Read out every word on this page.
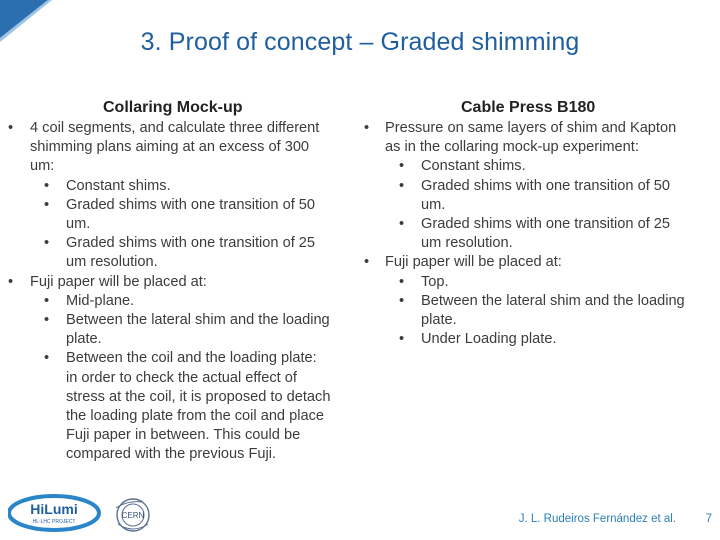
3. Proof of concept – Graded shimming
Collaring Mock-up	Cable Press B180
• 4 coil segments, and calculate three different
shimming plans aiming at an excess of 300
um:
• Constant shims.
• Graded shims with one transition of 50
um.
• Graded shims with one transition of 25
um resolution.
• Fuji paper will be placed at:
• Mid-plane.
• Between the lateral shim and the loading
plate.
• Between the coil and the loading plate:
in order to check the actual effect of
stress at the coil, it is proposed to detach
the loading plate from the coil and place
Fuji paper in between. This could be
compared with the previous Fuji.
• Pressure on same layers of shim and Kapton
as in the collaring mock-up experiment:
• Constant shims.
• Graded shims with one transition of 50
um.
• Graded shims with one transition of 25
um resolution.
• Fuji paper will be placed at:
• Top.
• Between the lateral shim and the loading
plate.
• Under Loading plate.
HiLumi
HL-LHC PROJECT
CERN	J. L. Rudeiros Fernández et al.	7
